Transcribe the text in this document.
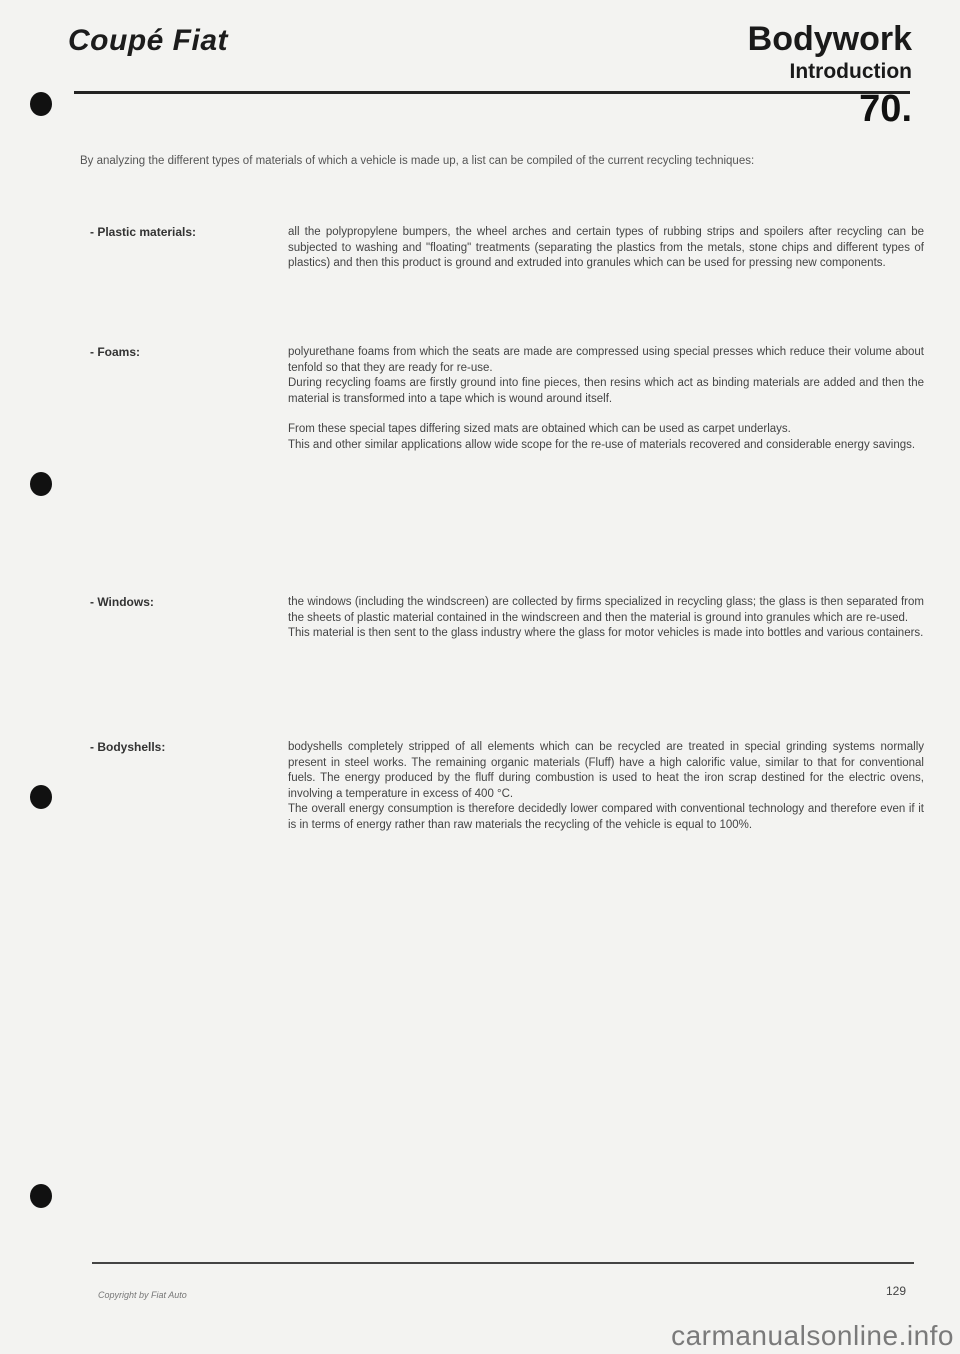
Coupé Fiat	Bodywork
Introduction
70.
By analyzing the different types of materials of which a vehicle is made up, a list can be compiled of the current recycling techniques:
- Plastic materials:	all the polypropylene bumpers, the wheel arches and certain types of rubbing strips and spoilers after recycling can be subjected to washing and "floating" treatments (separating the plastics from the metals, stone chips and different types of plastics) and then this product is ground and extruded into granules which can be used for pressing new components.

- Foams:	polyurethane foams from which the seats are made are compressed using special presses which reduce their volume about tenfold so that they are ready for re-use.

During recycling foams are firstly ground into fine pieces, then resins which act as binding materials are added and then the material is transformed into a tape which is wound around itself.

From these special tapes differing sized mats are obtained which can be used as carpet underlays.

This and other similar applications allow wide scope for the re-use of materials recovered and considerable energy savings.

- Windows:	the windows (including the windscreen) are collected by firms specialized in recycling glass; the glass is then separated from the sheets of plastic material contained in the windscreen and then the material is ground into granules which are re-used.

This material is then sent to the glass industry where the glass for motor vehicles is made into bottles and various containers.

- Bodyshells:	bodyshells completely stripped of all elements which can be recycled are treated in special grinding systems normally present in steel works. The remaining organic materials (Fluff) have a high calorific value, similar to that for conventional fuels. The energy produced by the fluff during combustion is used to heat the iron scrap destined for the electric ovens, involving a temperature in excess of 400 °C.

The overall energy consumption is therefore decidedly lower compared with conventional technology and therefore even if it is in terms of energy rather than raw materials the recycling of the vehicle is equal to 100%.

Copyright by Fiat Auto	129
carmanualsonline.info
